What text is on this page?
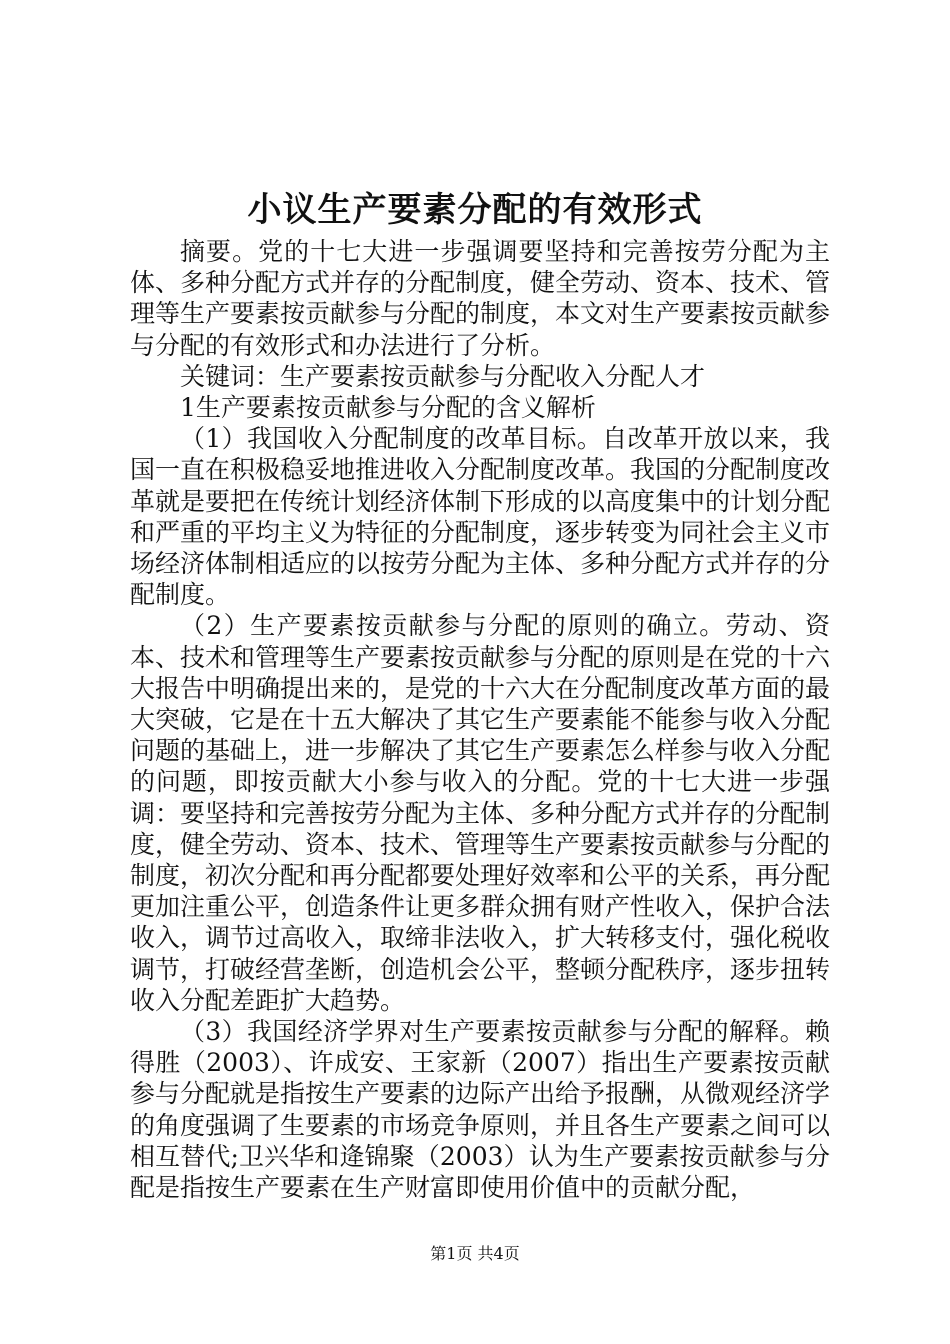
小议生产要素分配的有效形式

摘要。党的十七大进一步强调要坚持和完善按劳分配为主体、多种分配方式并存的分配制度，健全劳动、资本、技术、管理等生产要素按贡献参与分配的制度，本文对生产要素按贡献参与分配的有效形式和办法进行了分析。

关键词：生产要素按贡献参与分配收入分配人才

1生产要素按贡献参与分配的含义解析

（1）我国收入分配制度的改革目标。自改革开放以来，我国一直在积极稳妥地推进收入分配制度改革。我国的分配制度改革就是要把在传统计划经济体制下形成的以高度集中的计划分配和严重的平均主义为特征的分配制度，逐步转变为同社会主义市场经济体制相适应的以按劳分配为主体、多种分配方式并存的分配制度。

（2）生产要素按贡献参与分配的原则的确立。劳动、资本、技术和管理等生产要素按贡献参与分配的原则是在党的十六大报告中明确提出来的，是党的十六大在分配制度改革方面的最大突破，它是在十五大解决了其它生产要素能不能参与收入分配问题的基础上，进一步解决了其它生产要素怎么样参与收入分配的问题，即按贡献大小参与收入的分配。党的十七大进一步强调：要坚持和完善按劳分配为主体、多种分配方式并存的分配制度，健全劳动、资本、技术、管理等生产要素按贡献参与分配的制度，初次分配和再分配都要处理好效率和公平的关系，再分配更加注重公平，创造条件让更多群众拥有财产性收入，保护合法收入，调节过高收入，取缔非法收入，扩大转移支付，强化税收调节，打破经营垄断，创造机会公平，整顿分配秩序，逐步扭转收入分配差距扩大趋势。

（3）我国经济学界对生产要素按贡献参与分配的解释。赖得胜（2003）、许成安、王家新（2007）指出生产要素按贡献参与分配就是指按生产要素的边际产出给予报酬，从微观经济学的角度强调了生要素的市场竞争原则，并且各生产要素之间可以相互替代;卫兴华和逄锦聚（2003）认为生产要素按贡献参与分配是指按生产要素在生产财富即使用价值中的贡献分配，

第1页 共4页
